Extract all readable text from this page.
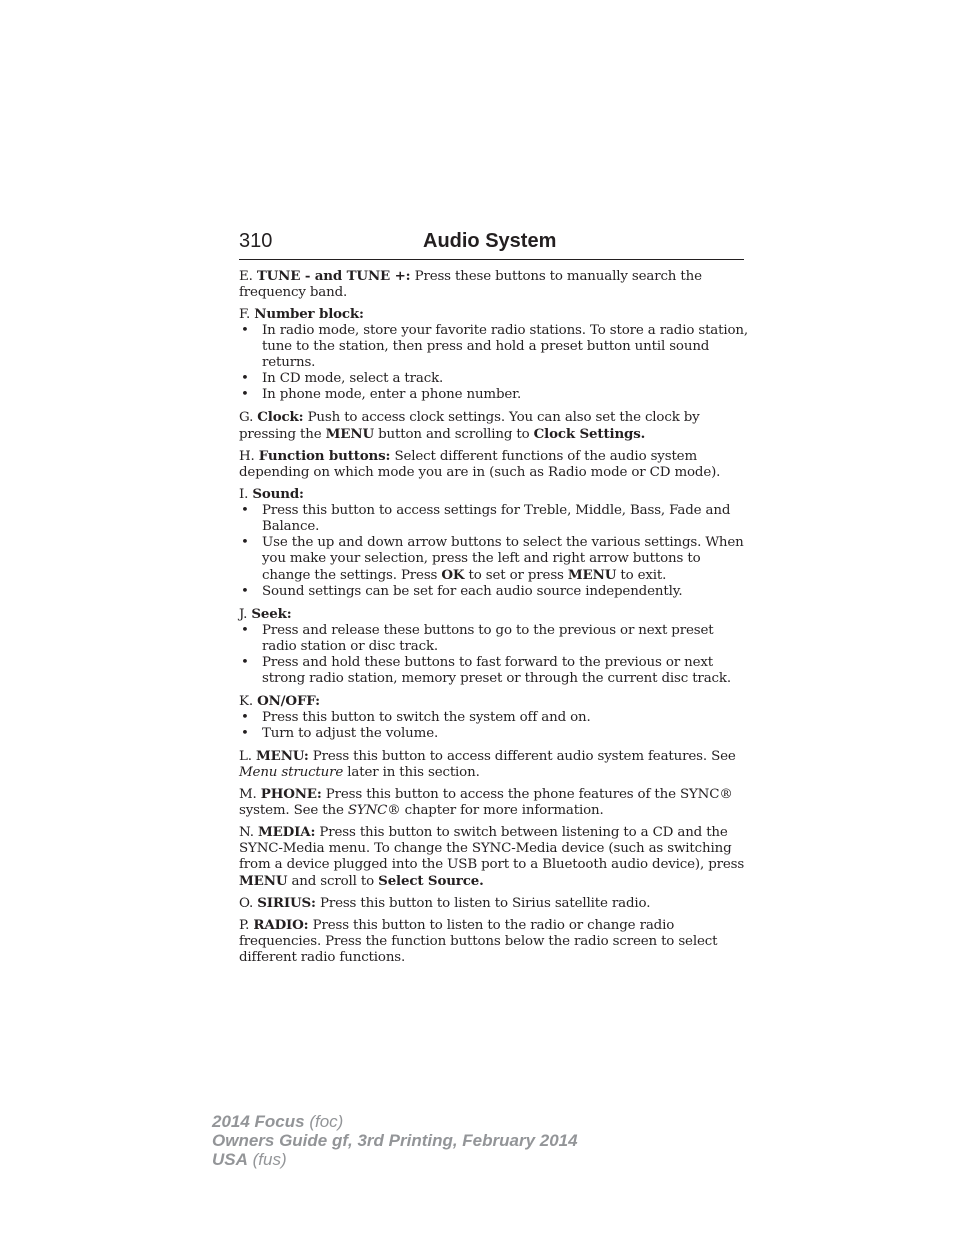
310	Audio System

E. TUNE - and TUNE +: Press these buttons to manually search the frequency band.

F. Number block:

• In radio mode, store your favorite radio stations. To store a radio station, tune to the station, then press and hold a preset button until sound returns.
• In CD mode, select a track.
• In phone mode, enter a phone number.

G. Clock: Push to access clock settings. You can also set the clock by pressing the MENU button and scrolling to Clock Settings.

H. Function buttons: Select different functions of the audio system depending on which mode you are in (such as Radio mode or CD mode).

I. Sound:

• Press this button to access settings for Treble, Middle, Bass, Fade and Balance.
• Use the up and down arrow buttons to select the various settings. When you make your selection, press the left and right arrow buttons to change the settings. Press OK to set or press MENU to exit.
• Sound settings can be set for each audio source independently.

J. Seek:

• Press and release these buttons to go to the previous or next preset radio station or disc track.
• Press and hold these buttons to fast forward to the previous or next strong radio station, memory preset or through the current disc track.

K. ON/OFF:

• Press this button to switch the system off and on.
• Turn to adjust the volume.

L. MENU: Press this button to access different audio system features. See Menu structure later in this section.

M. PHONE: Press this button to access the phone features of the SYNC® system. See the SYNC® chapter for more information.

N. MEDIA: Press this button to switch between listening to a CD and the SYNC-Media menu. To change the SYNC-Media device (such as switching from a device plugged into the USB port to a Bluetooth audio device), press MENU and scroll to Select Source.

O. SIRIUS: Press this button to listen to Sirius satellite radio.

P. RADIO: Press this button to listen to the radio or change radio frequencies. Press the function buttons below the radio screen to select different radio functions.

2014 Focus (foc)
Owners Guide gf, 3rd Printing, February 2014
USA (fus)
